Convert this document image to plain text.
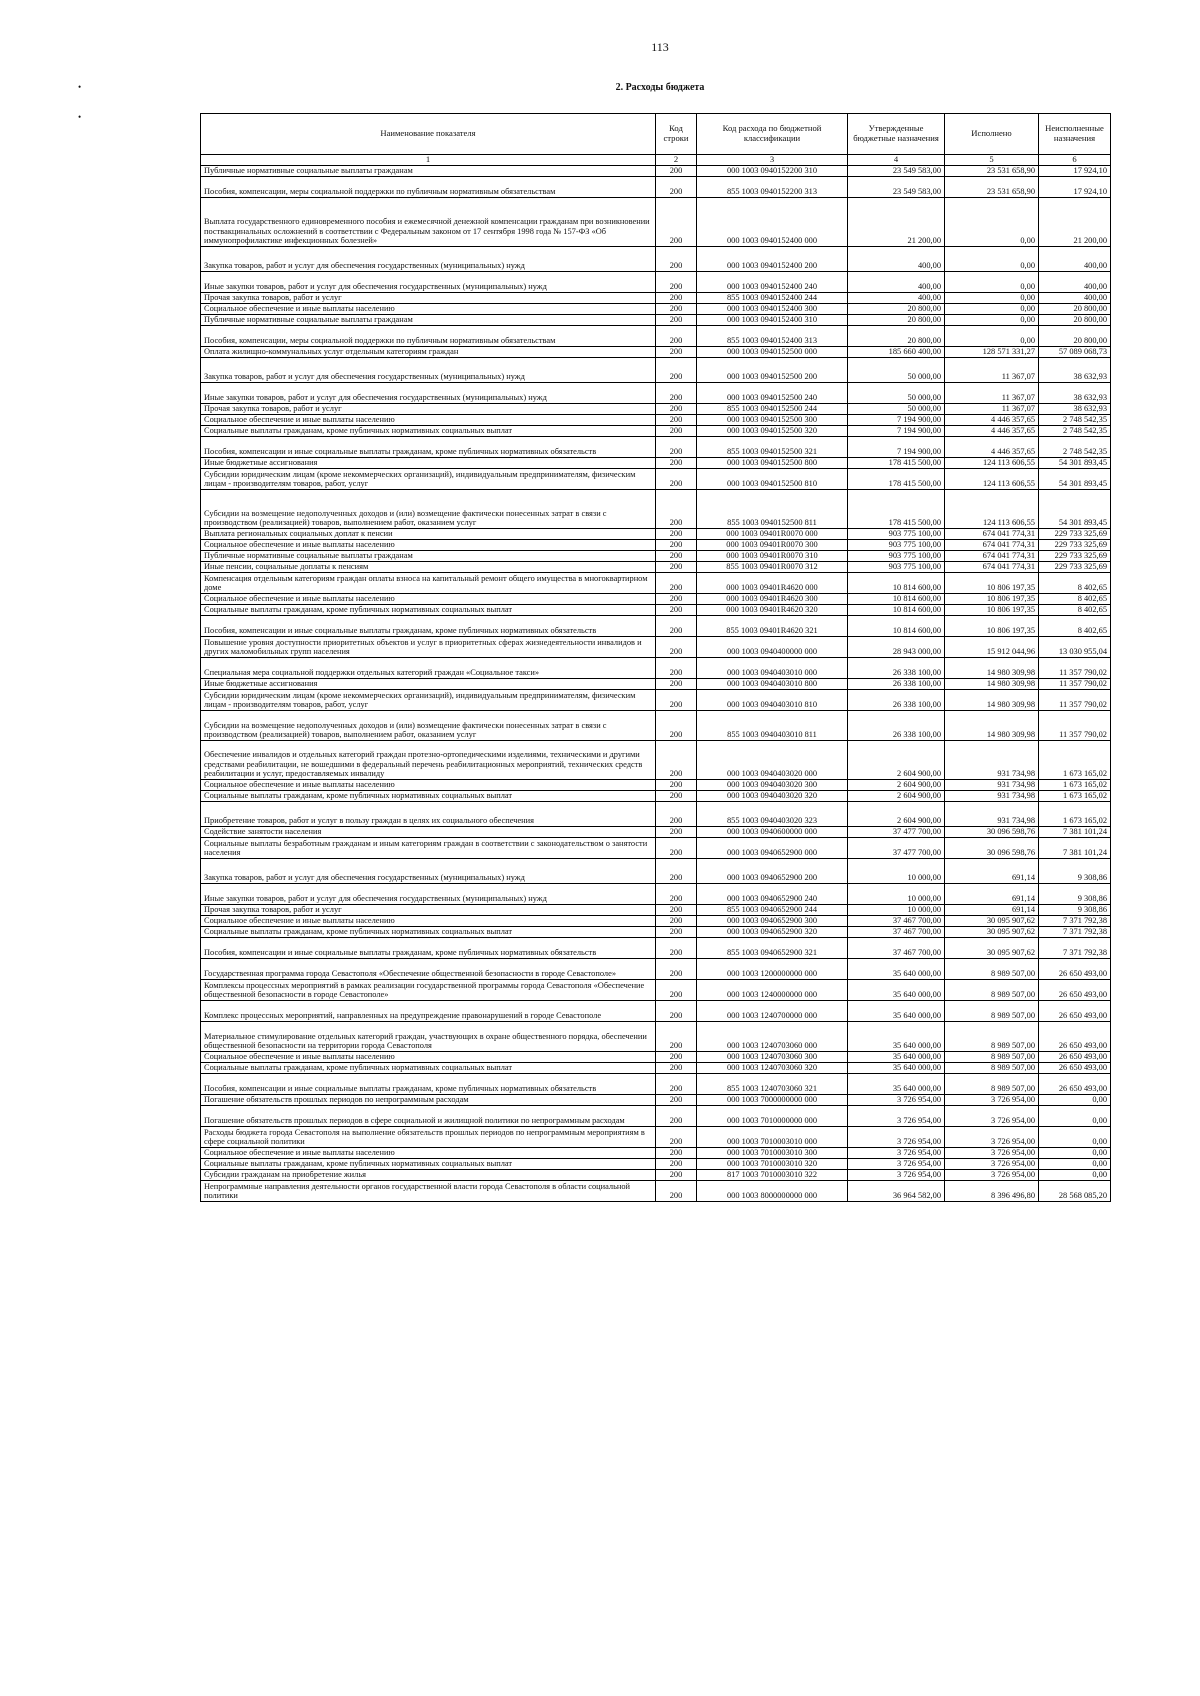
113
•
•
2. Расходы бюджета
Наименование показателя	Код строки	Код расхода по бюджетной классификации	Утвержденные бюджетные назначения	Исполнено	Неисполненные назначения
1	2	3	4	5	6
Публичные нормативные социальные выплаты гражданам	200	000 1003 0940152200 310	23 549 583,00	23 531 658,90	17 924,10
Пособия, компенсации, меры социальной поддержки по публичным нормативным обязательствам	200	855 1003 0940152200 313	23 549 583,00	23 531 658,90	17 924,10
Выплата государственного единовременного пособия и ежемесячной денежной компенсации гражданам при возникновении поствакцинальных осложнений в соответствии с Федеральным законом от 17 сентября 1998 года № 157-ФЗ «Об иммунопрофилактике инфекционных болезней»	200	000 1003 0940152400 000	21 200,00	0,00	21 200,00
Закупка товаров, работ и услуг для обеспечения государственных (муниципальных) нужд	200	000 1003 0940152400 200	400,00	0,00	400,00
Иные закупки товаров, работ и услуг для обеспечения государственных (муниципальных) нужд	200	000 1003 0940152400 240	400,00	0,00	400,00
Прочая закупка товаров, работ и услуг	200	855 1003 0940152400 244	400,00	0,00	400,00
Социальное обеспечение и иные выплаты населению	200	000 1003 0940152400 300	20 800,00	0,00	20 800,00
Публичные нормативные социальные выплаты гражданам	200	000 1003 0940152400 310	20 800,00	0,00	20 800,00
Пособия, компенсации, меры социальной поддержки по публичным нормативным обязательствам	200	855 1003 0940152400 313	20 800,00	0,00	20 800,00
Оплата жилищно-коммунальных услуг отдельным категориям граждан	200	000 1003 0940152500 000	185 660 400,00	128 571 331,27	57 089 068,73
Закупка товаров, работ и услуг для обеспечения государственных (муниципальных) нужд	200	000 1003 0940152500 200	50 000,00	11 367,07	38 632,93
Иные закупки товаров, работ и услуг для обеспечения государственных (муниципальных) нужд	200	000 1003 0940152500 240	50 000,00	11 367,07	38 632,93
Прочая закупка товаров, работ и услуг	200	855 1003 0940152500 244	50 000,00	11 367,07	38 632,93
Социальное обеспечение и иные выплаты населению	200	000 1003 0940152500 300	7 194 900,00	4 446 357,65	2 748 542,35
Социальные выплаты гражданам, кроме публичных нормативных социальных выплат	200	000 1003 0940152500 320	7 194 900,00	4 446 357,65	2 748 542,35
Пособия, компенсации и иные социальные выплаты гражданам, кроме публичных нормативных обязательств	200	855 1003 0940152500 321	7 194 900,00	4 446 357,65	2 748 542,35
Иные бюджетные ассигнования	200	000 1003 0940152500 800	178 415 500,00	124 113 606,55	54 301 893,45
Субсидии юридическим лицам (кроме некоммерческих организаций), индивидуальным предпринимателям, физическим лицам - производителям товаров, работ, услуг	200	000 1003 0940152500 810	178 415 500,00	124 113 606,55	54 301 893,45
Субсидии на возмещение недополученных доходов и (или) возмещение фактически понесенных затрат в связи с производством (реализацией) товаров, выполнением работ, оказанием услуг	200	855 1003 0940152500 811	178 415 500,00	124 113 606,55	54 301 893,45
Выплата региональных социальных доплат к пенсии	200	000 1003 09401R0070 000	903 775 100,00	674 041 774,31	229 733 325,69
Социальное обеспечение и иные выплаты населению	200	000 1003 09401R0070 300	903 775 100,00	674 041 774,31	229 733 325,69
Публичные нормативные социальные выплаты гражданам	200	000 1003 09401R0070 310	903 775 100,00	674 041 774,31	229 733 325,69
Иные пенсии, социальные доплаты к пенсиям	200	855 1003 09401R0070 312	903 775 100,00	674 041 774,31	229 733 325,69
Компенсация отдельным категориям граждан оплаты взноса на капитальный ремонт общего имущества в многоквартирном доме	200	000 1003 09401R4620 000	10 814 600,00	10 806 197,35	8 402,65
Социальное обеспечение и иные выплаты населению	200	000 1003 09401R4620 300	10 814 600,00	10 806 197,35	8 402,65
Социальные выплаты гражданам, кроме публичных нормативных социальных выплат	200	000 1003 09401R4620 320	10 814 600,00	10 806 197,35	8 402,65
Пособия, компенсации и иные социальные выплаты гражданам, кроме публичных нормативных обязательств	200	855 1003 09401R4620 321	10 814 600,00	10 806 197,35	8 402,65
Повышение уровня доступности приоритетных объектов и услуг в приоритетных сферах жизнедеятельности инвалидов и других маломобильных групп населения	200	000 1003 0940400000 000	28 943 000,00	15 912 044,96	13 030 955,04
Специальная мера социальной поддержки отдельных категорий граждан «Социальное такси»	200	000 1003 0940403010 000	26 338 100,00	14 980 309,98	11 357 790,02
Иные бюджетные ассигнования	200	000 1003 0940403010 800	26 338 100,00	14 980 309,98	11 357 790,02
Субсидии юридическим лицам (кроме некоммерческих организаций), индивидуальным предпринимателям, физическим лицам - производителям товаров, работ, услуг	200	000 1003 0940403010 810	26 338 100,00	14 980 309,98	11 357 790,02
Субсидии на возмещение недополученных доходов и (или) возмещение фактически понесенных затрат в связи с производством (реализацией) товаров, выполнением работ, оказанием услуг	200	855 1003 0940403010 811	26 338 100,00	14 980 309,98	11 357 790,02
Обеспечение инвалидов и отдельных категорий граждан протезно-ортопедическими изделиями, техническими и другими средствами реабилитации, не вошедшими в федеральный перечень реабилитационных мероприятий, технических средств реабилитации и услуг, предоставляемых инвалиду	200	000 1003 0940403020 000	2 604 900,00	931 734,98	1 673 165,02
Социальное обеспечение и иные выплаты населению	200	000 1003 0940403020 300	2 604 900,00	931 734,98	1 673 165,02
Социальные выплаты гражданам, кроме публичных нормативных социальных выплат	200	000 1003 0940403020 320	2 604 900,00	931 734,98	1 673 165,02
Приобретение товаров, работ и услуг в пользу граждан в целях их социального обеспечения	200	855 1003 0940403020 323	2 604 900,00	931 734,98	1 673 165,02
Содействие занятости населения	200	000 1003 0940600000 000	37 477 700,00	30 096 598,76	7 381 101,24
Социальные выплаты безработным гражданам и иным категориям граждан в соответствии с законодательством о занятости населения	200	000 1003 0940652900 000	37 477 700,00	30 096 598,76	7 381 101,24
Закупка товаров, работ и услуг для обеспечения государственных (муниципальных) нужд	200	000 1003 0940652900 200	10 000,00	691,14	9 308,86
Иные закупки товаров, работ и услуг для обеспечения государственных (муниципальных) нужд	200	000 1003 0940652900 240	10 000,00	691,14	9 308,86
Прочая закупка товаров, работ и услуг	200	855 1003 0940652900 244	10 000,00	691,14	9 308,86
Социальное обеспечение и иные выплаты населению	200	000 1003 0940652900 300	37 467 700,00	30 095 907,62	7 371 792,38
Социальные выплаты гражданам, кроме публичных нормативных социальных выплат	200	000 1003 0940652900 320	37 467 700,00	30 095 907,62	7 371 792,38
Пособия, компенсации и иные социальные выплаты гражданам, кроме публичных нормативных обязательств	200	855 1003 0940652900 321	37 467 700,00	30 095 907,62	7 371 792,38
Государственная программа города Севастополя «Обеспечение общественной безопасности в городе Севастополе»	200	000 1003 1200000000 000	35 640 000,00	8 989 507,00	26 650 493,00
Комплексы процессных мероприятий в рамках реализации государственной программы города Севастополя «Обеспечение общественной безопасности в городе Севастополе»	200	000 1003 1240000000 000	35 640 000,00	8 989 507,00	26 650 493,00
Комплекс процессных мероприятий, направленных на предупреждение правонарушений в городе Севастополе	200	000 1003 1240700000 000	35 640 000,00	8 989 507,00	26 650 493,00
Материальное стимулирование отдельных категорий граждан, участвующих в охране общественного порядка, обеспечении общественной безопасности на территории города Севастополя	200	000 1003 1240703060 000	35 640 000,00	8 989 507,00	26 650 493,00
Социальное обеспечение и иные выплаты населению	200	000 1003 1240703060 300	35 640 000,00	8 989 507,00	26 650 493,00
Социальные выплаты гражданам, кроме публичных нормативных социальных выплат	200	000 1003 1240703060 320	35 640 000,00	8 989 507,00	26 650 493,00
Пособия, компенсации и иные социальные выплаты гражданам, кроме публичных нормативных обязательств	200	855 1003 1240703060 321	35 640 000,00	8 989 507,00	26 650 493,00
Погашение обязательств прошлых периодов по непрограммным расходам	200	000 1003 7000000000 000	3 726 954,00	3 726 954,00	0,00
Погашение обязательств прошлых периодов в сфере социальной и жилищной политики по непрограммным расходам	200	000 1003 7010000000 000	3 726 954,00	3 726 954,00	0,00
Расходы бюджета города Севастополя на выполнение обязательств прошлых периодов по непрограммным мероприятиям в сфере социальной политики	200	000 1003 7010003010 000	3 726 954,00	3 726 954,00	0,00
Социальное обеспечение и иные выплаты населению	200	000 1003 7010003010 300	3 726 954,00	3 726 954,00	0,00
Социальные выплаты гражданам, кроме публичных нормативных социальных выплат	200	000 1003 7010003010 320	3 726 954,00	3 726 954,00	0,00
Субсидии гражданам на приобретение жилья	200	817 1003 7010003010 322	3 726 954,00	3 726 954,00	0,00
Непрограммные направления деятельности органов государственной власти города Севастополя в области социальной политики	200	000 1003 8000000000 000	36 964 582,00	8 396 496,80	28 568 085,20
